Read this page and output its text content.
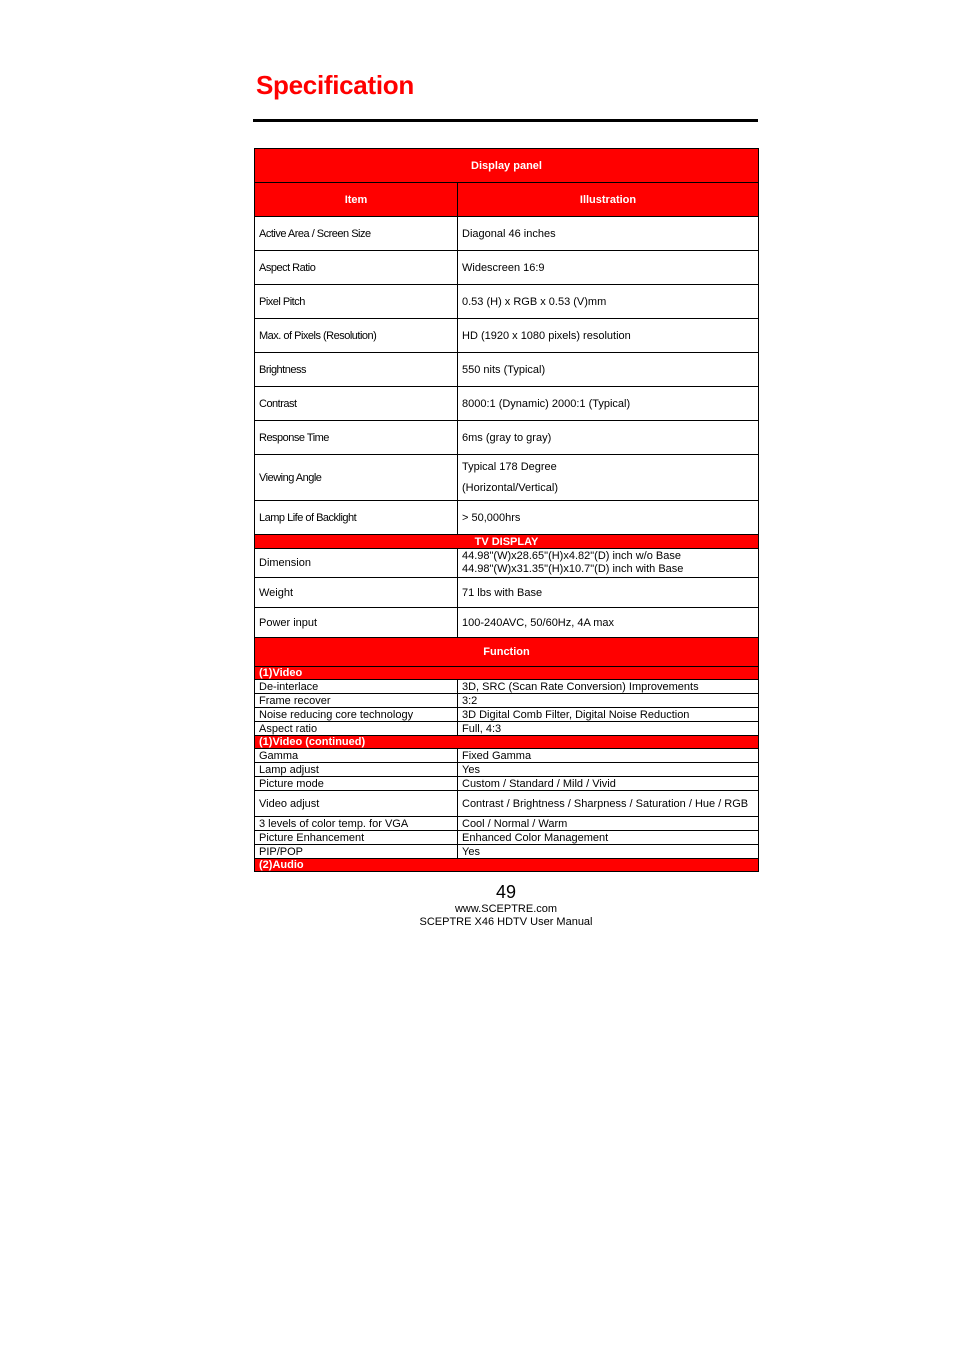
Specification
Display panel	
Item	Illustration
Active Area / Screen Size	Diagonal 46 inches
Aspect Ratio	Widescreen 16:9
Pixel Pitch	0.53 (H) x RGB x 0.53 (V)mm
Max. of Pixels (Resolution)	HD (1920 x 1080 pixels) resolution
Brightness	550 nits (Typical)
Contrast	8000:1 (Dynamic) 2000:1 (Typical)
Response Time	6ms (gray to gray)
Viewing Angle	Typical 178 Degree
(Horizontal/Vertical)

Lamp Life of Backlight	> 50,000hrs
TV DISPLAY	
Dimension	44.98"(W)x28.65"(H)x4.82"(D) inch w/o Base
44.98"(W)x31.35"(H)x10.7"(D) inch with Base

Weight	71 lbs with Base
Power input	100-240AVC, 50/60Hz, 4A max
Function	
(1)Video	
De-interlace	3D, SRC (Scan Rate Conversion) Improvements
Frame recover	3:2
Noise reducing core technology	3D Digital Comb Filter, Digital Noise Reduction
Aspect ratio	Full, 4:3
(1)Video (continued)	
Gamma	Fixed Gamma
Lamp adjust	Yes
Picture mode	Custom / Standard / Mild / Vivid
Video adjust	Contrast / Brightness / Sharpness / Saturation / Hue / RGB
3 levels of color temp. for VGA	Cool / Normal / Warm
Picture Enhancement	Enhanced Color Management
PIP/POP	Yes
(2)Audio	
49
www.SCEPTRE.com
SCEPTRE X46 HDTV User Manual
